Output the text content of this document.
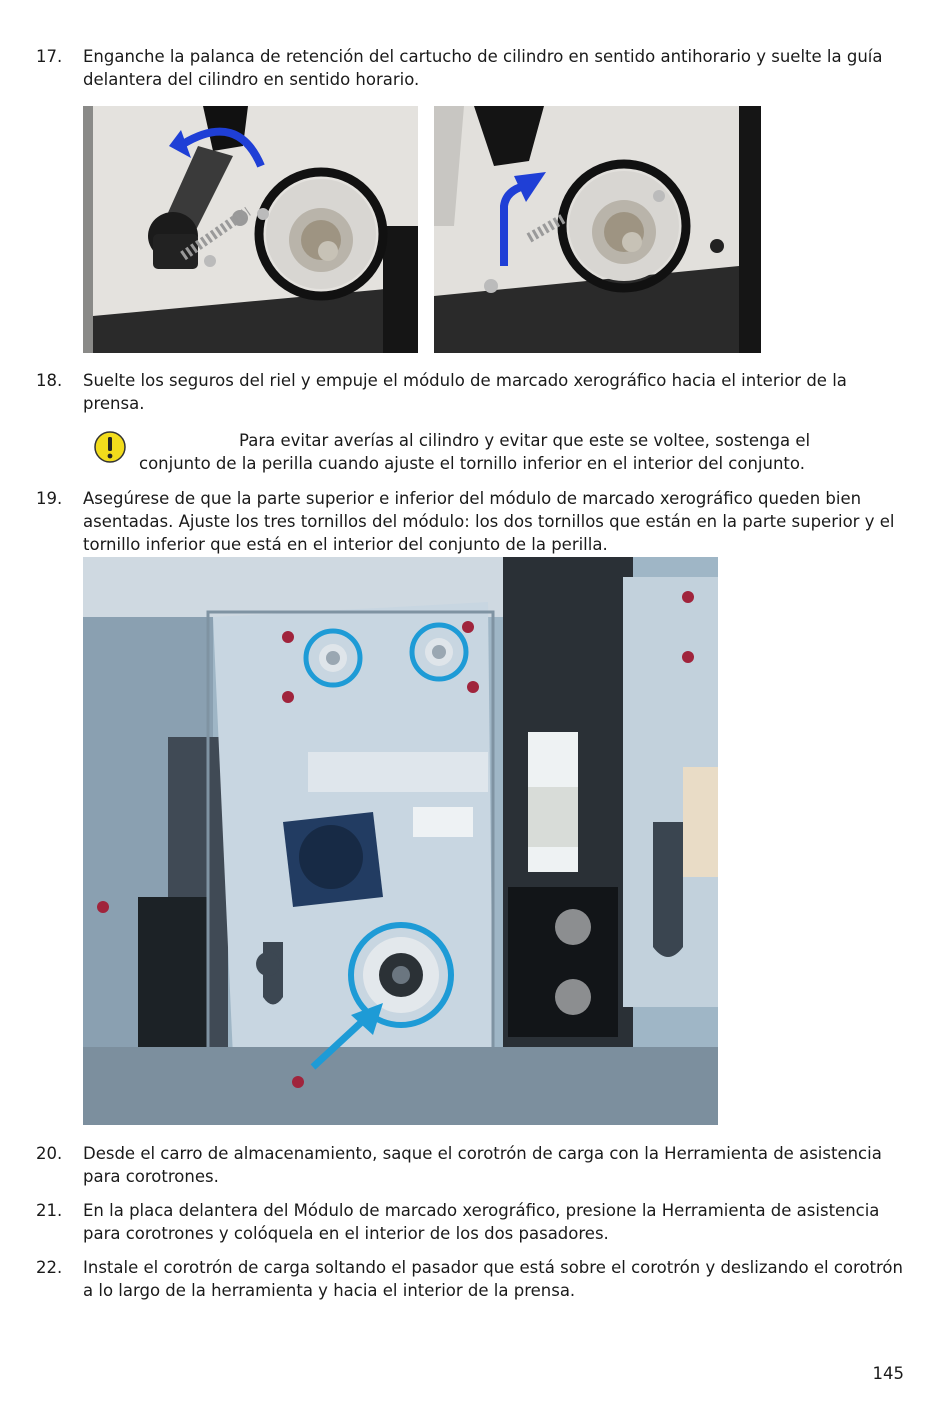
17. Enganche la palanca de retención del cartucho de cilindro en sentido antihorario y suelte la guía delantera del cilindro en sentido horario.
18. Suelte los seguros del riel y empuje el módulo de marcado xerográfico hacia el interior de la prensa.
Para evitar averías al cilindro y evitar que este se voltee, sostenga el
conjunto de la perilla cuando ajuste el tornillo inferior en el interior del conjunto.
19. Asegúrese de que la parte superior e inferior del módulo de marcado xerográfico queden bien asentadas. Ajuste los tres tornillos del módulo: los dos tornillos que están en la parte superior y el tornillo inferior que está en el interior del conjunto de la perilla.
20. Desde el carro de almacenamiento, saque el corotrón de carga con la Herramienta de asistencia para corotrones.
21. En la placa delantera del Módulo de marcado xerográfico, presione la Herramienta de asistencia para corotrones y colóquela en el interior de los dos pasadores.
22. Instale el corotrón de carga soltando el pasador que está sobre el corotrón y deslizando el corotrón a lo largo de la herramienta y hacia el interior de la prensa.
145
